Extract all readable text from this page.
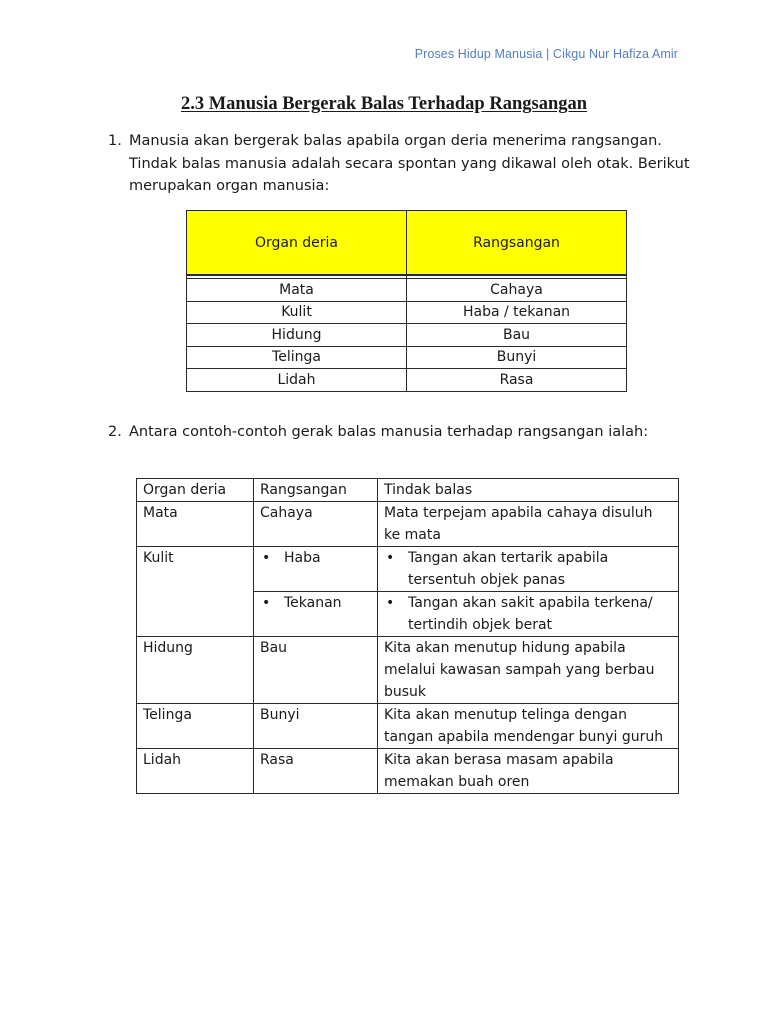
Proses Hidup Manusia | Cikgu Nur Hafiza Amir
2.3 Manusia Bergerak Balas Terhadap Rangsangan
1. Manusia akan bergerak balas apabila organ deria menerima rangsangan. Tindak balas manusia adalah secara spontan yang dikawal oleh otak. Berikut merupakan organ manusia:
Organ deria	Rangsangan

Mata	Cahaya
Kulit	Haba / tekanan
Hidung	Bau
Telinga	Bunyi
Lidah	Rasa
2. Antara contoh-contoh gerak balas manusia terhadap rangsangan ialah:
Organ deria	Rangsangan	Tindak balas
Mata	Cahaya	Mata terpejam apabila cahaya disuluh ke mata
Kulit	• Haba	• Tangan akan tertarik apabila tersentuh objek panas
	• Tekanan	• Tangan akan sakit apabila terkena/ tertindih objek berat
Hidung	Bau	Kita akan menutup hidung apabila melalui kawasan sampah yang berbau busuk
Telinga	Bunyi	Kita akan menutup telinga dengan tangan apabila mendengar bunyi guruh
Lidah	Rasa	Kita akan berasa masam apabila memakan buah oren
